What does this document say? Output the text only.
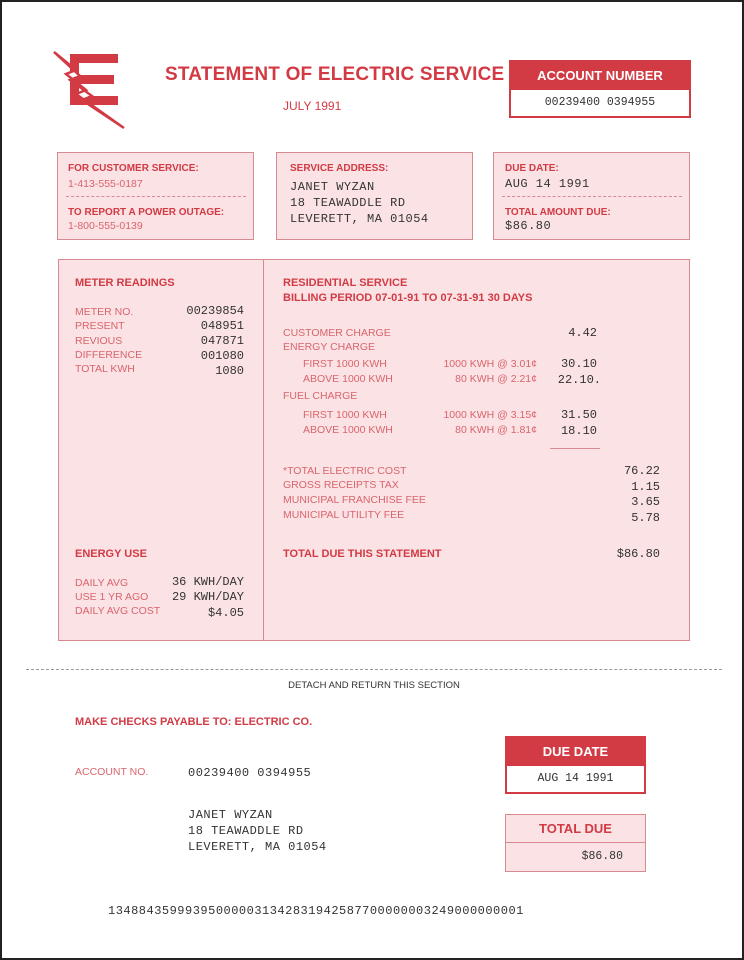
STATEMENT OF ELECTRIC SERVICE
JULY 1991
ACCOUNT NUMBER
00239400 0394955
FOR CUSTOMER SERVICE:
1-413-555-0187
TO REPORT A POWER OUTAGE:
1-800-555-0139
SERVICE ADDRESS:
JANET WYZAN
18 TEAWADDLE RD
LEVERETT, MA 01054
DUE DATE:
AUG 14 1991
TOTAL AMOUNT DUE:
$86.80
METER READINGS
METER NO.	00239854
PRESENT	048951
REVIOUS	047871
DIFFERENCE	001080
TOTAL KWH	1080
ENERGY USE
DAILY AVG	36 KWH/DAY
USE 1 YR AGO 29 KWH/DAY
DAILY AVG COST	$4.05
RESIDENTIAL SERVICE
BILLING PERIOD 07-01-91 TO 07-31-91 30 DAYS
CUSTOMER CHARGE	4.42
ENERGY CHARGE
FIRST 1000 KWH	1000 KWH @ 3.01¢ 30.10
ABOVE 1000 KWH	80 KWH @ 2.21¢ 22.10.
FUEL CHARGE
FIRST 1000 KWH	1000 KWH @ 3.15¢ 31.50
ABOVE 1000 KWH	80 KWH @ 1.81¢ 18.10
*TOTAL ELECTRIC COST	76.22
GROSS RECEIPTS TAX	1.15
MUNICIPAL FRANCHISE FEE	3.65
MUNICIPAL UTILITY FEE	5.78
TOTAL DUE THIS STATEMENT	$86.80
DETACH AND RETURN THIS SECTION
MAKE CHECKS PAYABLE TO: ELECTRIC CO.
ACCOUNT NO.	00239400 0394955
JANET WYZAN
18 TEAWADDLE RD
LEVERETT, MA 01054
DUE DATE
AUG 14 1991
TOTAL DUE
$86.80
134884359993950000031342831942587700000003249000000001
